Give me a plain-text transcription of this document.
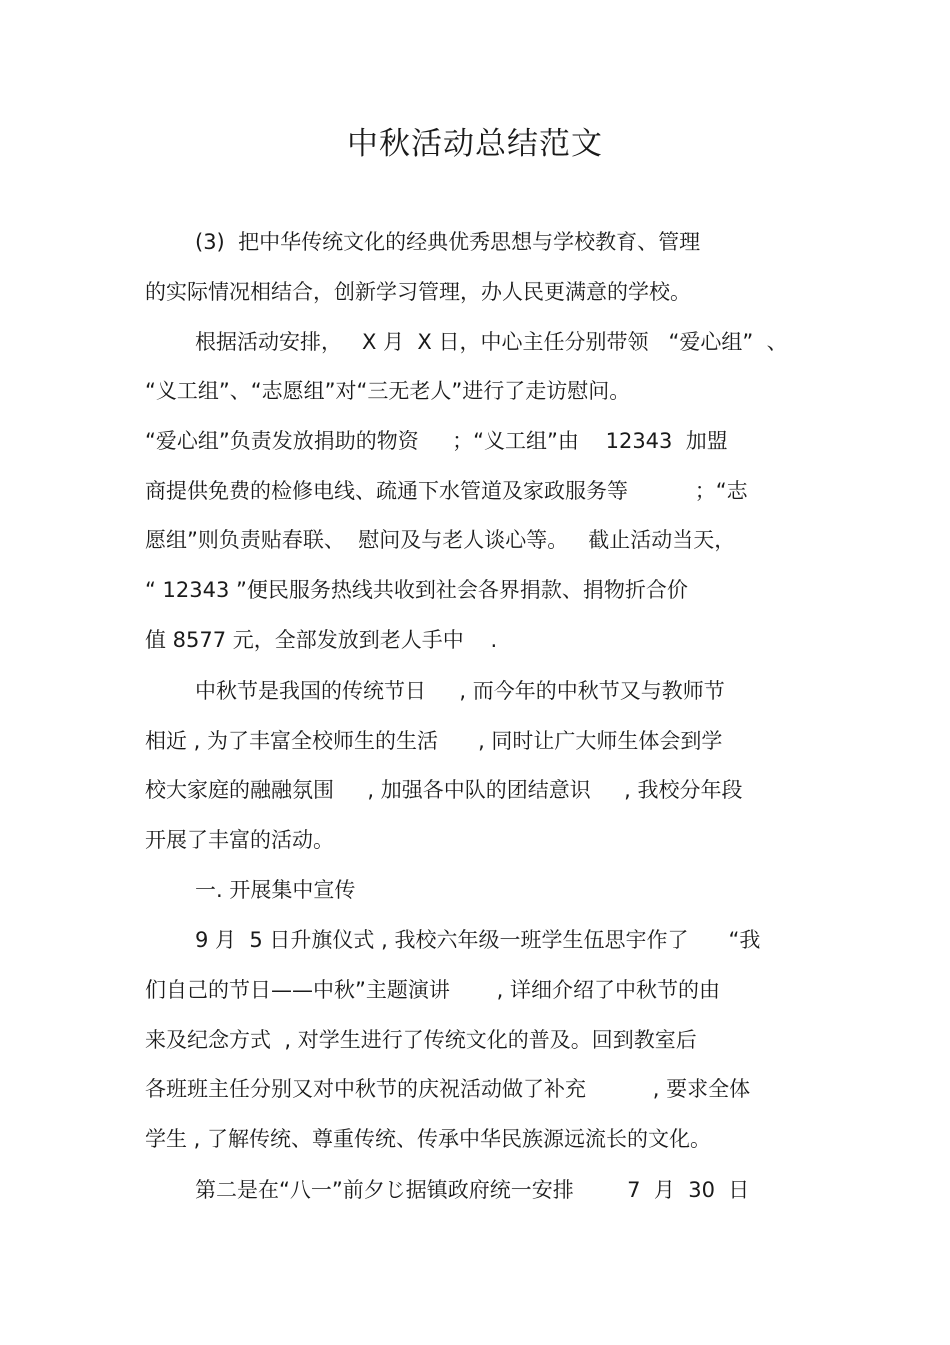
中秋活动总结范文
(3)  把中华传统文化的经典优秀思想与学校教育、管理
的实际情况相结合，创新学习管理，办人民更满意的学校。
根据活动安排，   X 月  X 日，中心主任分别带领   “爱心组”  、
“义工组”、“志愿组”对“三无老人”进行了走访慰问。
“爱心组”负责发放捐助的物资     ；“义工组”由    12343  加盟
商提供免费的检修电线、疏通下水管道及家政服务等          ；“志
愿组”则负责贴春联、  慰问及与老人谈心等。   截止活动当天，
“ 12343 ”便民服务热线共收到社会各界捐款、捐物折合价
值 8577 元，全部发放到老人手中    .
中秋节是我国的传统节日     , 而今年的中秋节又与教师节
相近 , 为了丰富全校师生的生活      , 同时让广大师生体会到学
校大家庭的融融氛围     , 加强各中队的团结意识     , 我校分年段
开展了丰富的活动。
一. 开展集中宣传
9 月  5 日升旗仪式 , 我校六年级一班学生伍思宇作了      “我
们自己的节日——中秋”主题演讲       , 详细介绍了中秋节的由
来及纪念方式  , 对学生进行了传统文化的普及。回到教室后
各班班主任分别又对中秋节的庆祝活动做了补充          , 要求全体
学生 , 了解传统、尊重传统、传承中华民族源远流长的文化。
第二是在“八一”前夕じ据镇政府统一安排        7  月  30  日
